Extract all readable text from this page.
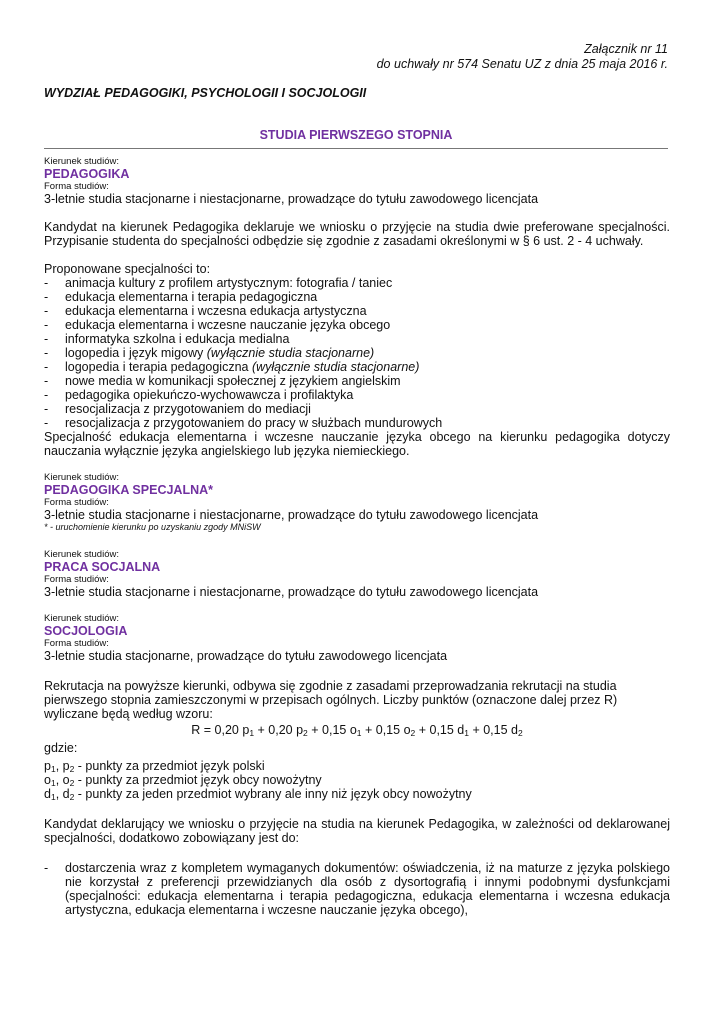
Załącznik nr 11
do uchwały nr 574 Senatu UZ z dnia 25 maja 2016 r.
WYDZIAŁ PEDAGOGIKI, PSYCHOLOGII I SOCJOLOGII
STUDIA PIERWSZEGO STOPNIA
Kierunek studiów:
PEDAGOGIKA
Forma studiów:
3-letnie studia stacjonarne i niestacjonarne, prowadzące do tytułu zawodowego licencjata
Kandydat na kierunek Pedagogika deklaruje we wniosku o przyjęcie na studia dwie preferowane specjalności. Przypisanie studenta do specjalności odbędzie się zgodnie z zasadami określonymi w § 6 ust. 2 - 4 uchwały.
Proponowane specjalności to:
- animacja kultury z profilem artystycznym: fotografia / taniec
- edukacja elementarna i terapia pedagogiczna
- edukacja elementarna i wczesna edukacja artystyczna
- edukacja elementarna i wczesne nauczanie języka obcego
- informatyka szkolna i edukacja medialna
- logopedia i język migowy (wyłącznie studia stacjonarne)
- logopedia i terapia pedagogiczna (wyłącznie studia stacjonarne)
- nowe media w komunikacji społecznej z językiem angielskim
- pedagogika opiekuńczo-wychowawcza i profilaktyka
- resocjalizacja z przygotowaniem do mediacji
- resocjalizacja z przygotowaniem do pracy w służbach mundurowych
Specjalność edukacja elementarna i wczesne nauczanie języka obcego na kierunku pedagogika dotyczy nauczania wyłącznie języka angielskiego lub języka niemieckiego.
Kierunek studiów:
PEDAGOGIKA SPECJALNA*
Forma studiów:
3-letnie studia stacjonarne i niestacjonarne, prowadzące do tytułu zawodowego licencjata
* - uruchomienie kierunku po uzyskaniu zgody MNiSW
Kierunek studiów:
PRACA SOCJALNA
Forma studiów:
3-letnie studia stacjonarne i niestacjonarne, prowadzące do tytułu zawodowego licencjata
Kierunek studiów:
SOCJOLOGIA
Forma studiów:
3-letnie studia stacjonarne, prowadzące do tytułu zawodowego licencjata
Rekrutacja na powyższe kierunki, odbywa się zgodnie z zasadami przeprowadzania rekrutacji na studia pierwszego stopnia zamieszczonymi w przepisach ogólnych. Liczby punktów (oznaczone dalej przez R) wyliczane będą według wzoru:
R = 0,20 $p_1 + 0,20$ $p_2 + 0,15$ $o_1 + 0,15$ $o_2 + 0,15$ $d_1 + 0,15$ $d_2$
gdzie:
$p_1$, $p_2$ - punkty za przedmiot język polski
$o_1$, $o_2$ - punkty za przedmiot język obcy nowożytny
$d_1$, $d_2$ - punkty za jeden przedmiot wybrany ale inny niż język obcy nowożytny
Kandydat deklarujący we wniosku o przyjęcie na studia na kierunek Pedagogika, w zależności od deklarowanej specjalności, dodatkowo zobowiązany jest do:
- dostarczenia wraz z kompletem wymaganych dokumentów: oświadczenia, iż na maturze z języka polskiego nie korzystał z preferencji przewidzianych dla osób z dysortografią i innymi podobnymi dysfunkcjami (specjalności: edukacja elementarna i terapia pedagogiczna, edukacja elementarna i wczesna edukacja artystyczna, edukacja elementarna i wczesne nauczanie języka obcego),
